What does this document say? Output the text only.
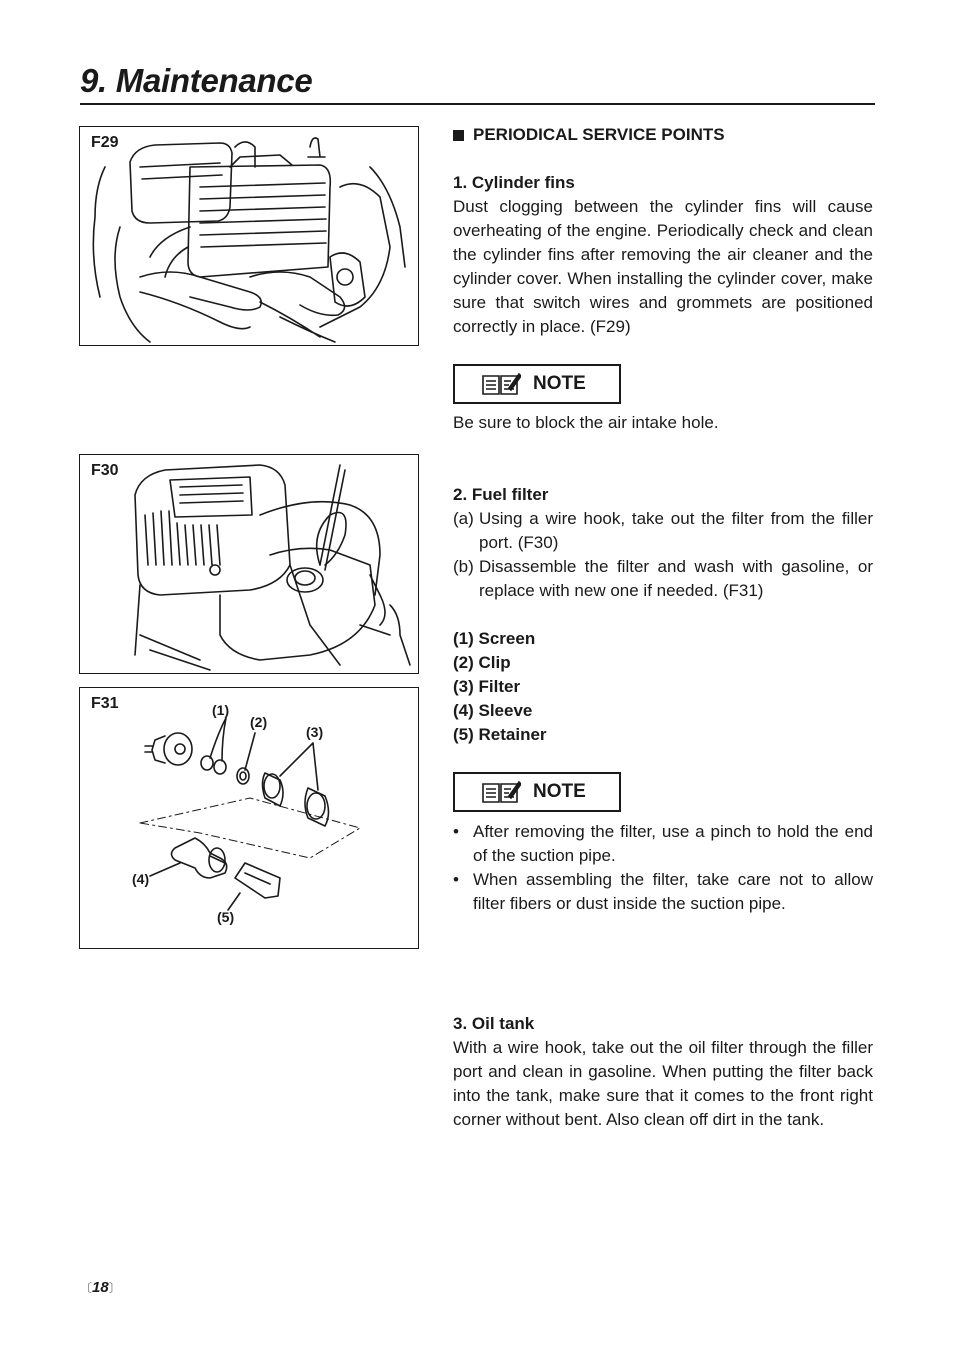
9. Maintenance
F29
F30
F31	(1)
(2)
(3)
(4)
(5)
PERIODICAL SERVICE POINTS
1. Cylinder fins

Dust clogging between the cylinder fins will cause overheating of the engine. Periodically check and clean the cylinder fins after removing the air cleaner and the cylinder cover. When installing the cylinder cover, make sure that switch wires and grommets are positioned correctly in place. (F29)

NOTE
Be sure to block the air intake hole.
2. Fuel filter
(a) Using a wire hook, take out the filter from the filler port. (F30)
(b) Disassemble the filter and wash with gasoline, or replace with new one if needed. (F31)
(1) Screen
(2) Clip
(3) Filter
(4) Sleeve
(5) Retainer
NOTE
• After removing the filter, use a pinch to hold the end of the suction pipe.
• When assembling the filter, take care not to allow filter fibers or dust inside the suction pipe.
3. Oil tank

With a wire hook, take out the oil filter through the filler port and clean in gasoline. When putting the filter back into the tank, make sure that it comes to the front right corner without bent. Also clean off dirt in the tank.

〔18〕
